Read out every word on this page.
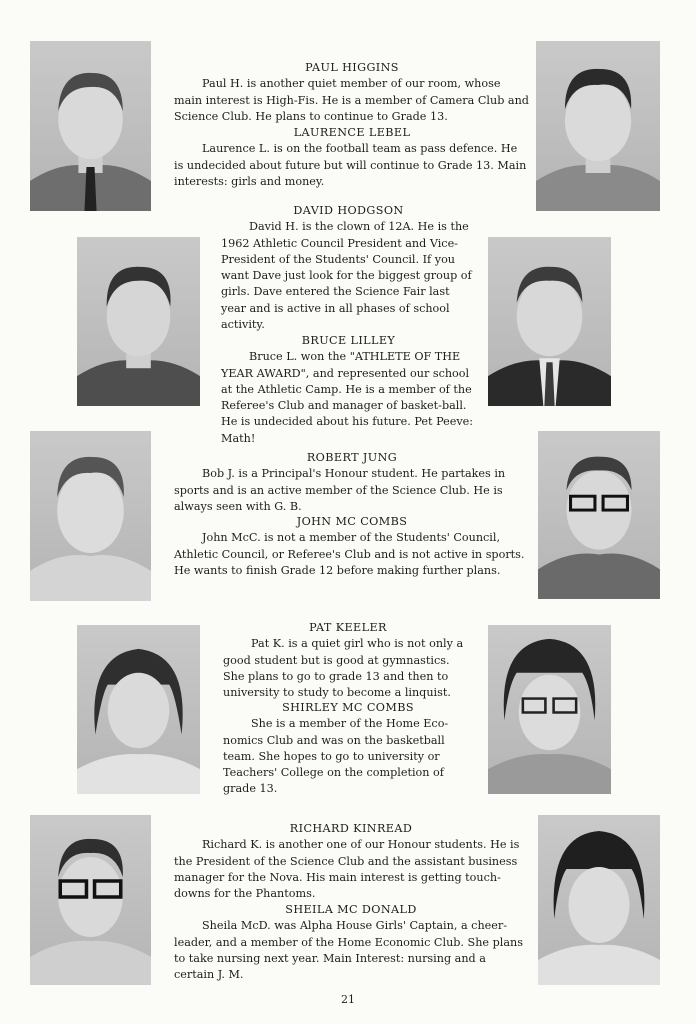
PAUL HIGGINS
Paul H. is another quiet member of our room, whose main interest is High-Fis. He is a member of Camera Club and Science Club. He plans to continue to Grade 13.
LAURENCE LEBEL
Laurence L. is on the football team as pass defence. He is undecided about future but will continue to Grade 13. Main interests: girls and money.
DAVID HODGSON
David H. is the clown of 12A. He is the 1962 Athletic Council President and Vice-President of the Students' Council. If you want Dave just look for the biggest group of girls. Dave entered the Science Fair last year and is active in all phases of school activity.
BRUCE LILLEY
Bruce L. won the "ATHLETE OF THE YEAR AWARD", and represented our school at the Athletic Camp. He is a member of the Referee's Club and manager of basket-ball. He is undecided about his future. Pet Peeve: Math!
ROBERT JUNG
Bob J. is a Principal's Honour student. He partakes in sports and is an active member of the Science Club. He is always seen with G. B.
JOHN MC COMBS
John McC. is not a member of the Students' Council, Athletic Council, or Referee's Club and is not active in sports. He wants to finish Grade 12 before making further plans.
PAT KEELER
Pat K. is a quiet girl who is not only a good student but is good at gymnastics. She plans to go to grade 13 and then to university to study to become a linquist.
SHIRLEY MC COMBS
She is a member of the Home Eco-nomics Club and was on the basketball team. She hopes to go to university or Teachers' College on the completion of grade 13.
RICHARD KINREAD
Richard K. is another one of our Honour students. He is the President of the Science Club and the assistant business manager for the Nova. His main interest is getting touch-downs for the Phantoms.
SHEILA MC DONALD
Sheila McD. was Alpha House Girls' Captain, a cheer-leader, and a member of the Home Economic Club. She plans to take nursing next year. Main Interest: nursing and a certain J. M.
21
